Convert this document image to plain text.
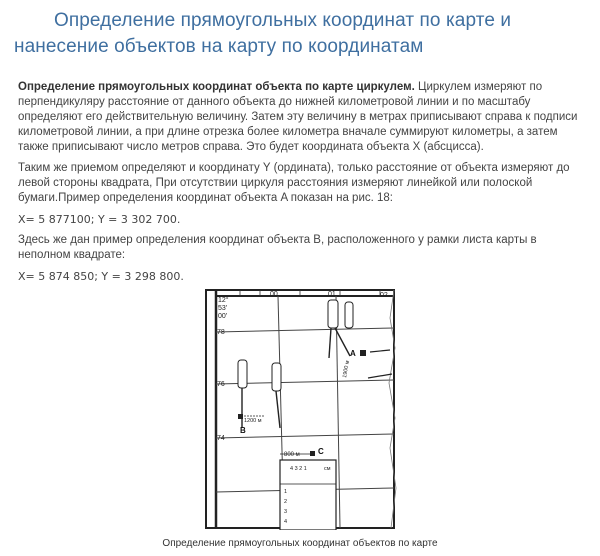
Определение прямоугольных координат по карте и нанесение объектов на карту по координатам

Определение прямоугольных координат объекта по карте циркулем. Циркулем измеряют по перпендикуляру расстояние от данного объекта до нижней километровой линии и по масштабу определяют его действительную величину. Затем эту величину в метрах приписывают справа к подписи километровой линии, а при длине отрезка более километра вначале суммируют километры, а затем также приписывают число метров справа. Это будет координата объекта X (абсцисса).

Таким же приемом определяют и координату Y (ордината), только расстояние от объекта измеряют до левой стороны квадрата, При отсутствии циркуля расстояния измеряют линейкой или полоской бумаги.Пример определения координат объекта A показан на рис. 18:

X= 5 877100; Y = 3 302 700.

Здесь же дан пример определения координат объекта B, расположенного у рамки листа карты в неполном квадрате:

X= 5 874 850; Y = 3 298 800.

12°
53'
00'
00	01	02
78
76
74
A
1900 м
B
1200 м
800 м C
4 3 2 1	см
1
2
3
4
Определение прямоугольных координат объектов по карте
